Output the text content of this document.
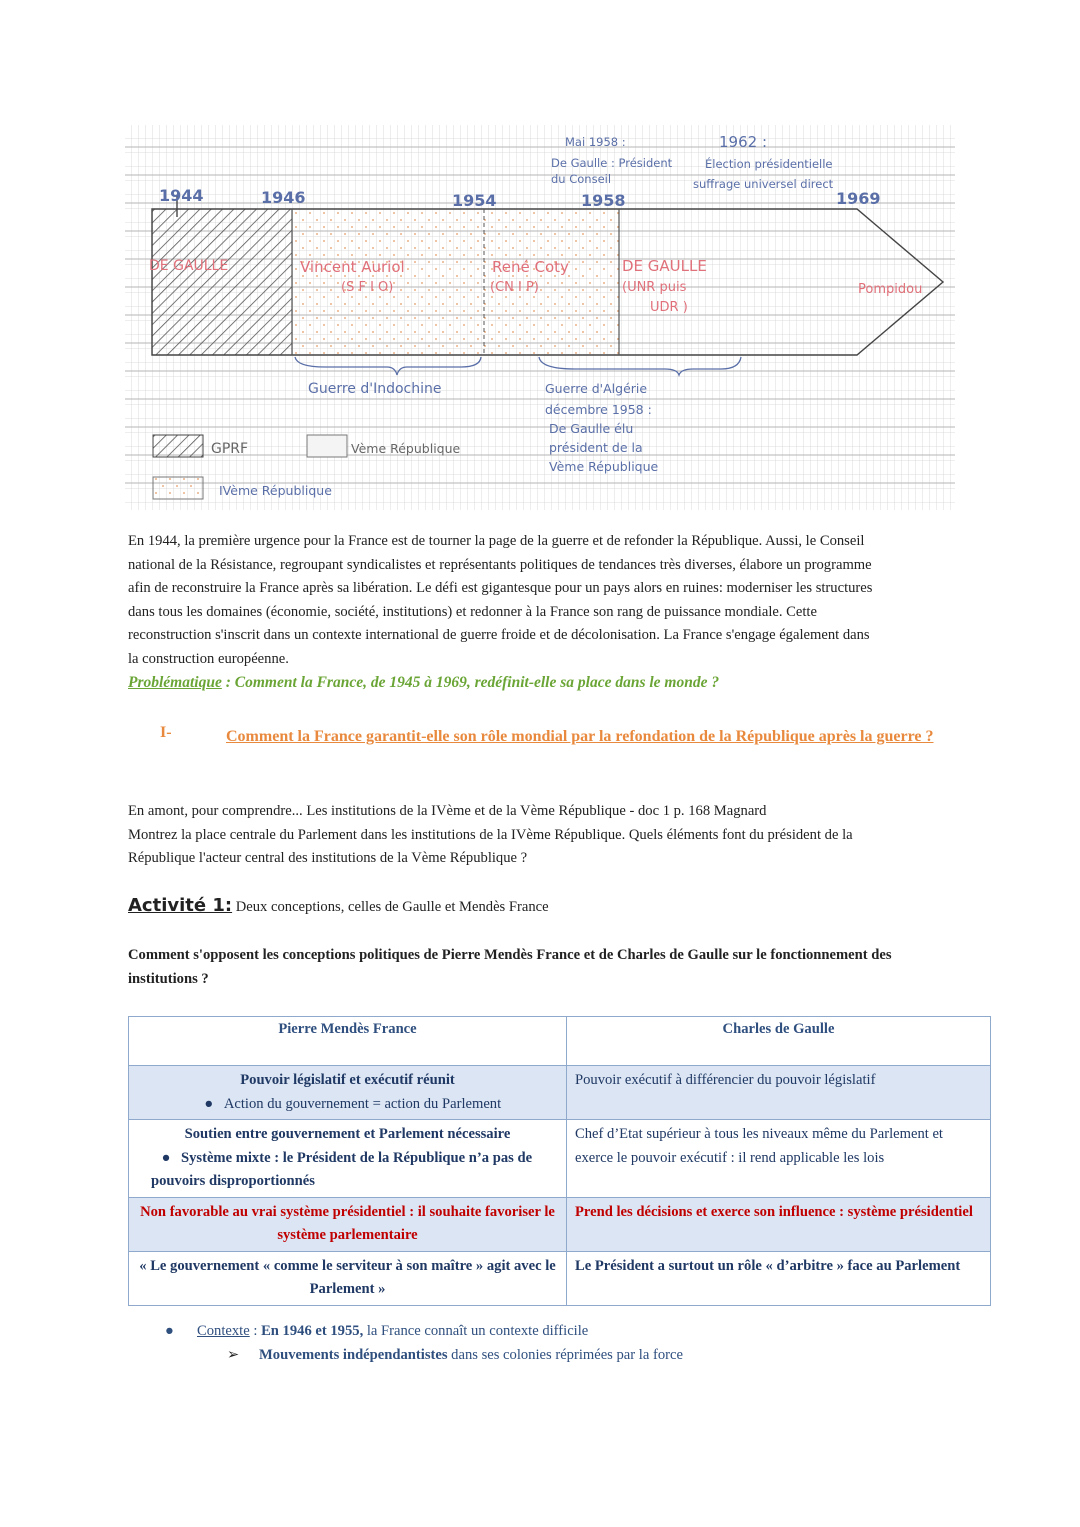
1944	1946	1954	1958	1969
Mai 1958 :
De Gaulle : Président
du Conseil
1962 :
Élection présidentielle
suffrage universel direct
DE GAULLE	Vincent Auriol
(S F I O)
René Coty
(CN I P)
DE GAULLE
(UNR puis
UDR )
Pompidou
Guerre d'Indochine	Guerre d'Algérie
décembre 1958 :
De Gaulle élu
président de la
Vème République
GPRF	Vème République
IVème République

En 1944, la première urgence pour la France est de tourner la page de la guerre et de refonder la République. Aussi, le Conseil

national de la Résistance, regroupant syndicalistes et représentants politiques de tendances très diverses, élabore un programme

afin de reconstruire la France après sa libération. Le défi est gigantesque pour un pays alors en ruines: moderniser les structures

dans tous les domaines (économie, société, institutions) et redonner à la France son rang de puissance mondiale. Cette

reconstruction s'inscrit dans un contexte international de guerre froide et de décolonisation. La France s'engage également dans

la construction européenne.

Problématique : Comment la France, de 1945 à 1969, redéfinit-elle sa place dans le monde ?

I-	Comment la France garantit-elle son rôle mondial par la refondation de la République après la guerre ?

En amont, pour comprendre... Les institutions de la IVème et de la Vème République - doc 1 p. 168 Magnard

Montrez la place centrale du Parlement dans les institutions de la IVème République. Quels éléments font du président de la

République l'acteur central des institutions de la Vème République ?

Activité 1: Deux conceptions, celles de Gaulle et Mendès France
Comment s'opposent les conceptions politiques de Pierre Mendès France et de Charles de Gaulle sur le fonctionnement des institutions ?
Pierre Mendès France	Charles de Gaulle

Pouvoir législatif et exécutif réunit
● Action du gouvernement = action du Parlement	Pouvoir exécutif à différencier du pouvoir législatif

Soutien entre gouvernement et Parlement nécessaire
● Système mixte : le Président de la République n’a pas de pouvoirs disproportionnés	Chef d’Etat supérieur à tous les niveaux même du Parlement et exerce le pouvoir exécutif : il rend applicable les lois
Non favorable au vrai système présidentiel : il souhaite favoriser le système parlementaire	Prend les décisions et exerce son influence : système présidentiel
« Le gouvernement « comme le serviteur à son maître » agit avec le Parlement »	Le Président a surtout un rôle « d’arbitre » face au Parlement
● Contexte : En 1946 et 1955, la France connaît un contexte difficile
➢ Mouvements indépendantistes dans ses colonies réprimées par la force
